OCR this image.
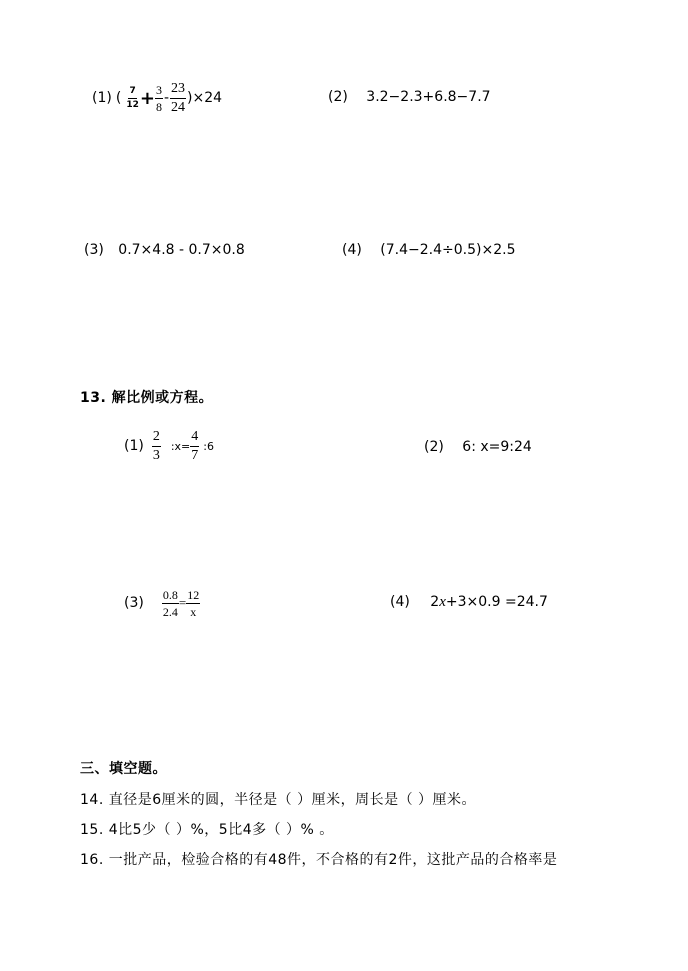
(1) ( $\frac{7}{12} + \frac{3}{8} - \frac{23}{24} )\times 24$	(2) 3.2−2.3+6.8−7.7
(3) 0.7×4.8 - 0.7×0.8	(4) (7.4−2.4÷0.5)×2.5
13. 解比例或方程。
$(1) \frac{2}{3}$ :x= $\frac{4}{7}$ :6	(2) 6: x=9:24
$(3) \frac{0.8}{2.4} = \frac{12}{x}$	(4) 2x+3×0.9 =24.7
三、填空题。
14. 直径是6厘米的圆，半径是（ ）厘米，周长是（ ）厘米。
15. 4比5少（ ）%，5比4多（ ）% 。
16. 一批产品，检验合格的有48件，不合格的有2件，这批产品的合格率是
